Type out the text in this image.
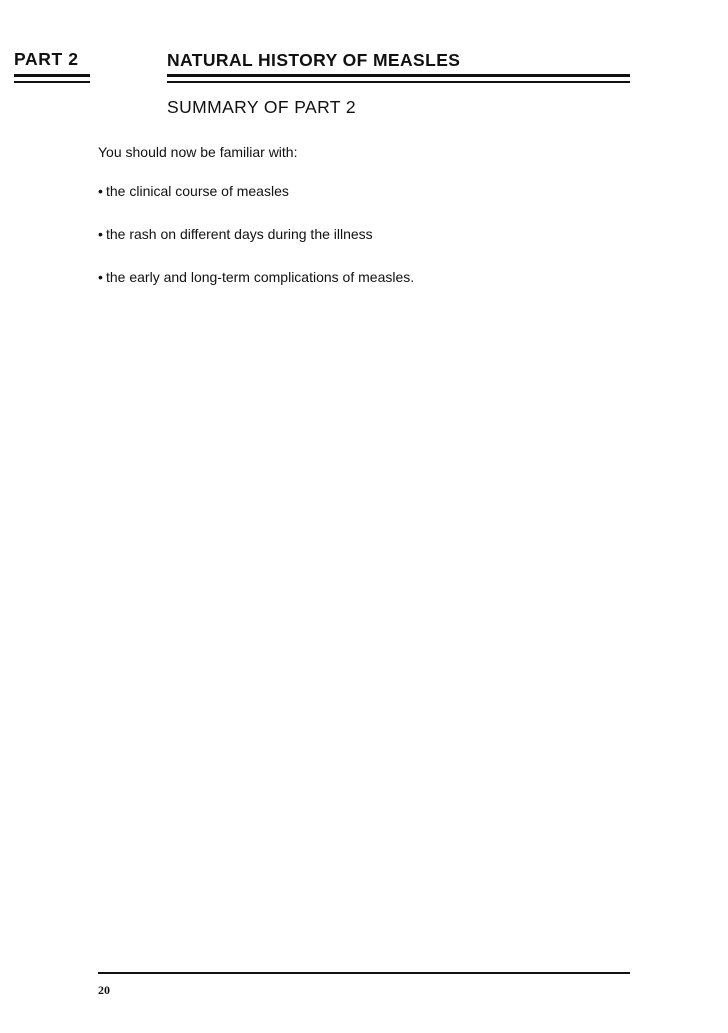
PART 2	NATURAL HISTORY OF MEASLES
SUMMARY OF PART 2
You should now be familiar with:
• the clinical course of measles
• the rash on different days during the illness
• the early and long-term complications of measles.
20
